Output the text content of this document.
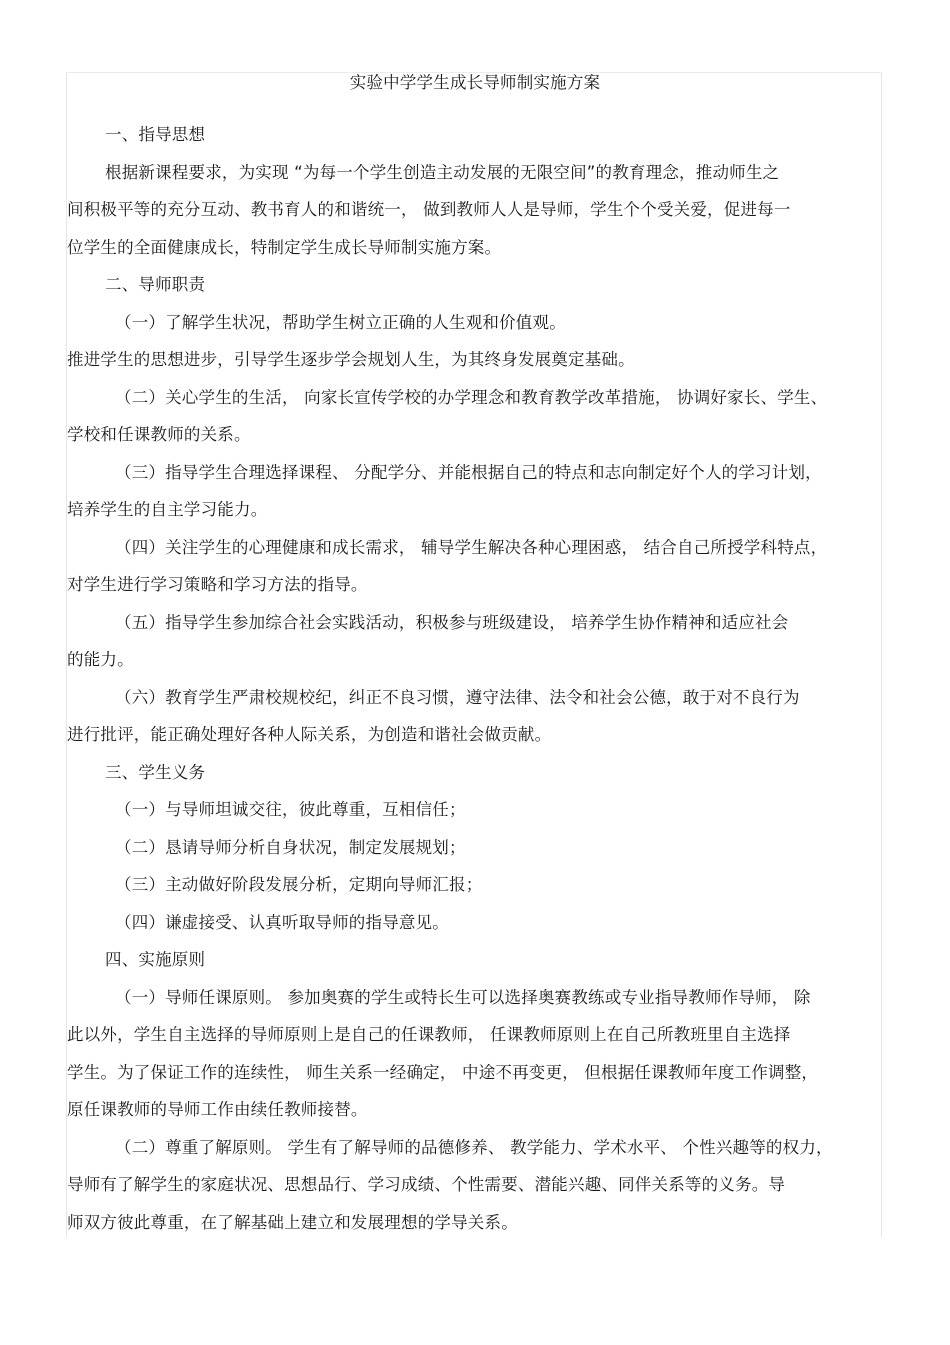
实验中学学生成长导师制实施方案

一、指导思想

根据新课程要求，为实现 “为每一个学生创造主动发展的无限空间”的教育理念，推动师生之

间积极平等的充分互动、教书育人的和谐统一， 做到教师人人是导师，学生个个受关爱，促进每一

位学生的全面健康成长，特制定学生成长导师制实施方案。

二、导师职责

（一）了解学生状况，帮助学生树立正确的人生观和价值观。

推进学生的思想进步，引导学生逐步学会规划人生，为其终身发展奠定基础。

（二）关心学生的生活， 向家长宣传学校的办学理念和教育教学改革措施， 协调好家长、学生、

学校和任课教师的关系。

（三）指导学生合理选择课程、 分配学分、并能根据自己的特点和志向制定好个人的学习计划，

培养学生的自主学习能力。

（四）关注学生的心理健康和成长需求， 辅导学生解决各种心理困惑， 结合自己所授学科特点，

对学生进行学习策略和学习方法的指导。

（五）指导学生参加综合社会实践活动，积极参与班级建设， 培养学生协作精神和适应社会

的能力。

（六）教育学生严肃校规校纪，纠正不良习惯，遵守法律、法令和社会公德，敢于对不良行为

进行批评，能正确处理好各种人际关系，为创造和谐社会做贡献。

三、学生义务

（一）与导师坦诚交往，彼此尊重，互相信任；

（二）恳请导师分析自身状况，制定发展规划；

（三）主动做好阶段发展分析，定期向导师汇报；

（四）谦虚接受、认真听取导师的指导意见。

四、实施原则

（一）导师任课原则。 参加奥赛的学生或特长生可以选择奥赛教练或专业指导教师作导师， 除

此以外，学生自主选择的导师原则上是自己的任课教师， 任课教师原则上在自己所教班里自主选择

学生。为了保证工作的连续性， 师生关系一经确定， 中途不再变更， 但根据任课教师年度工作调整，

原任课教师的导师工作由续任教师接替。

（二）尊重了解原则。 学生有了解导师的品德修养、 教学能力、学术水平、 个性兴趣等的权力，

导师有了解学生的家庭状况、思想品行、学习成绩、个性需要、潜能兴趣、同伴关系等的义务。导

师双方彼此尊重，在了解基础上建立和发展理想的学导关系。
